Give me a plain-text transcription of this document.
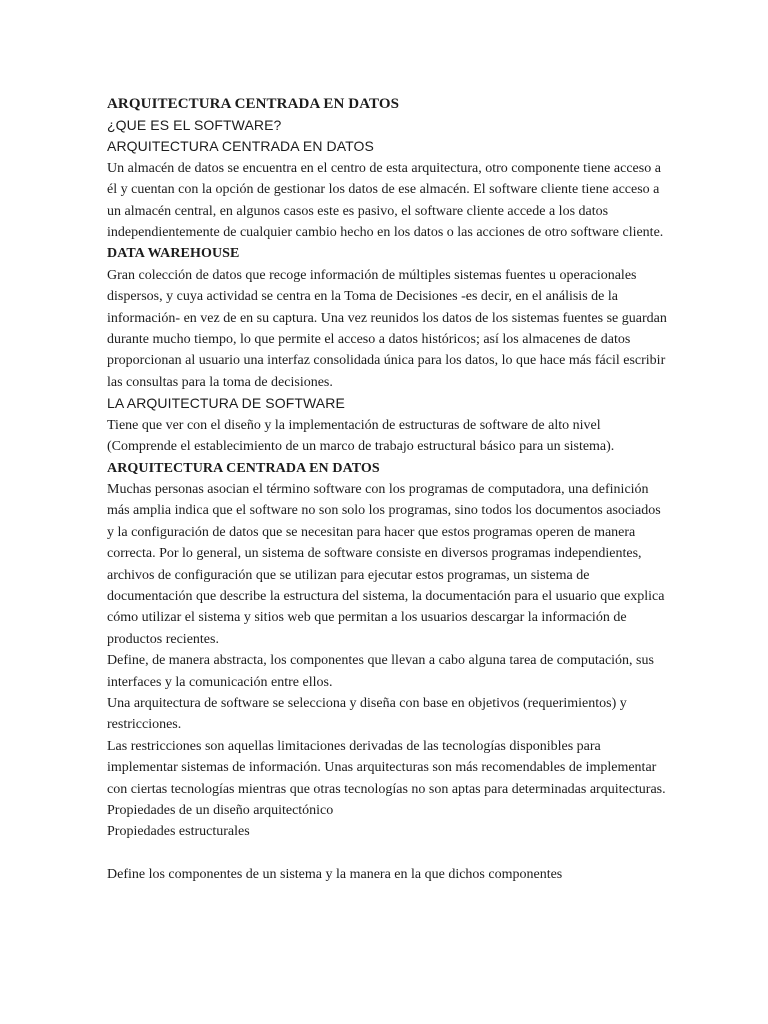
ARQUITECTURA CENTRADA EN DATOS

¿QUE ES EL SOFTWARE?

ARQUITECTURA CENTRADA EN DATOS

Un almacén de datos se encuentra en el centro de esta arquitectura, otro componente tiene acceso a él y cuentan con la opción de gestionar los datos de ese almacén. El software cliente tiene acceso a un almacén central, en algunos casos este es pasivo, el software cliente accede a los datos independientemente de cualquier cambio hecho en los datos o las acciones de otro software cliente.

DATA WAREHOUSE

Gran colección de datos que recoge información de múltiples sistemas fuentes u operacionales dispersos, y cuya actividad se centra en la Toma de Decisiones -es decir, en el análisis de la información- en vez de en su captura. Una vez reunidos los datos de los sistemas fuentes se guardan durante mucho tiempo, lo que permite el acceso a datos históricos; así los almacenes de datos proporcionan al usuario una interfaz consolidada única para los datos, lo que hace más fácil escribir las consultas para la toma de decisiones.

LA ARQUITECTURA DE SOFTWARE

Tiene que ver con el diseño y la implementación de estructuras de software de alto nivel (Comprende el establecimiento de un marco de trabajo estructural básico para un sistema).

ARQUITECTURA CENTRADA EN DATOS

Muchas personas asocian el término software con los programas de computadora, una definición más amplia indica que el software no son solo los programas, sino todos los documentos asociados y la configuración de datos que se necesitan para hacer que estos programas operen de manera correcta. Por lo general, un sistema de software consiste en diversos programas independientes, archivos de configuración que se utilizan para ejecutar estos programas, un sistema de documentación que describe la estructura del sistema, la documentación para el usuario que explica cómo utilizar el sistema y sitios web que permitan a los usuarios descargar la información de productos recientes.

Define, de manera abstracta, los componentes que llevan a cabo alguna tarea de computación, sus interfaces y la comunicación entre ellos.

Una arquitectura de software se selecciona y diseña con base en objetivos (requerimientos) y restricciones.

Las restricciones son aquellas limitaciones derivadas de las tecnologías disponibles para implementar sistemas de información. Unas arquitecturas son más recomendables de implementar con ciertas tecnologías mientras que otras tecnologías no son aptas para determinadas arquitecturas.

Propiedades de un diseño arquitectónico

Propiedades estructurales

Define los componentes de un sistema y la manera en la que dichos componentes
